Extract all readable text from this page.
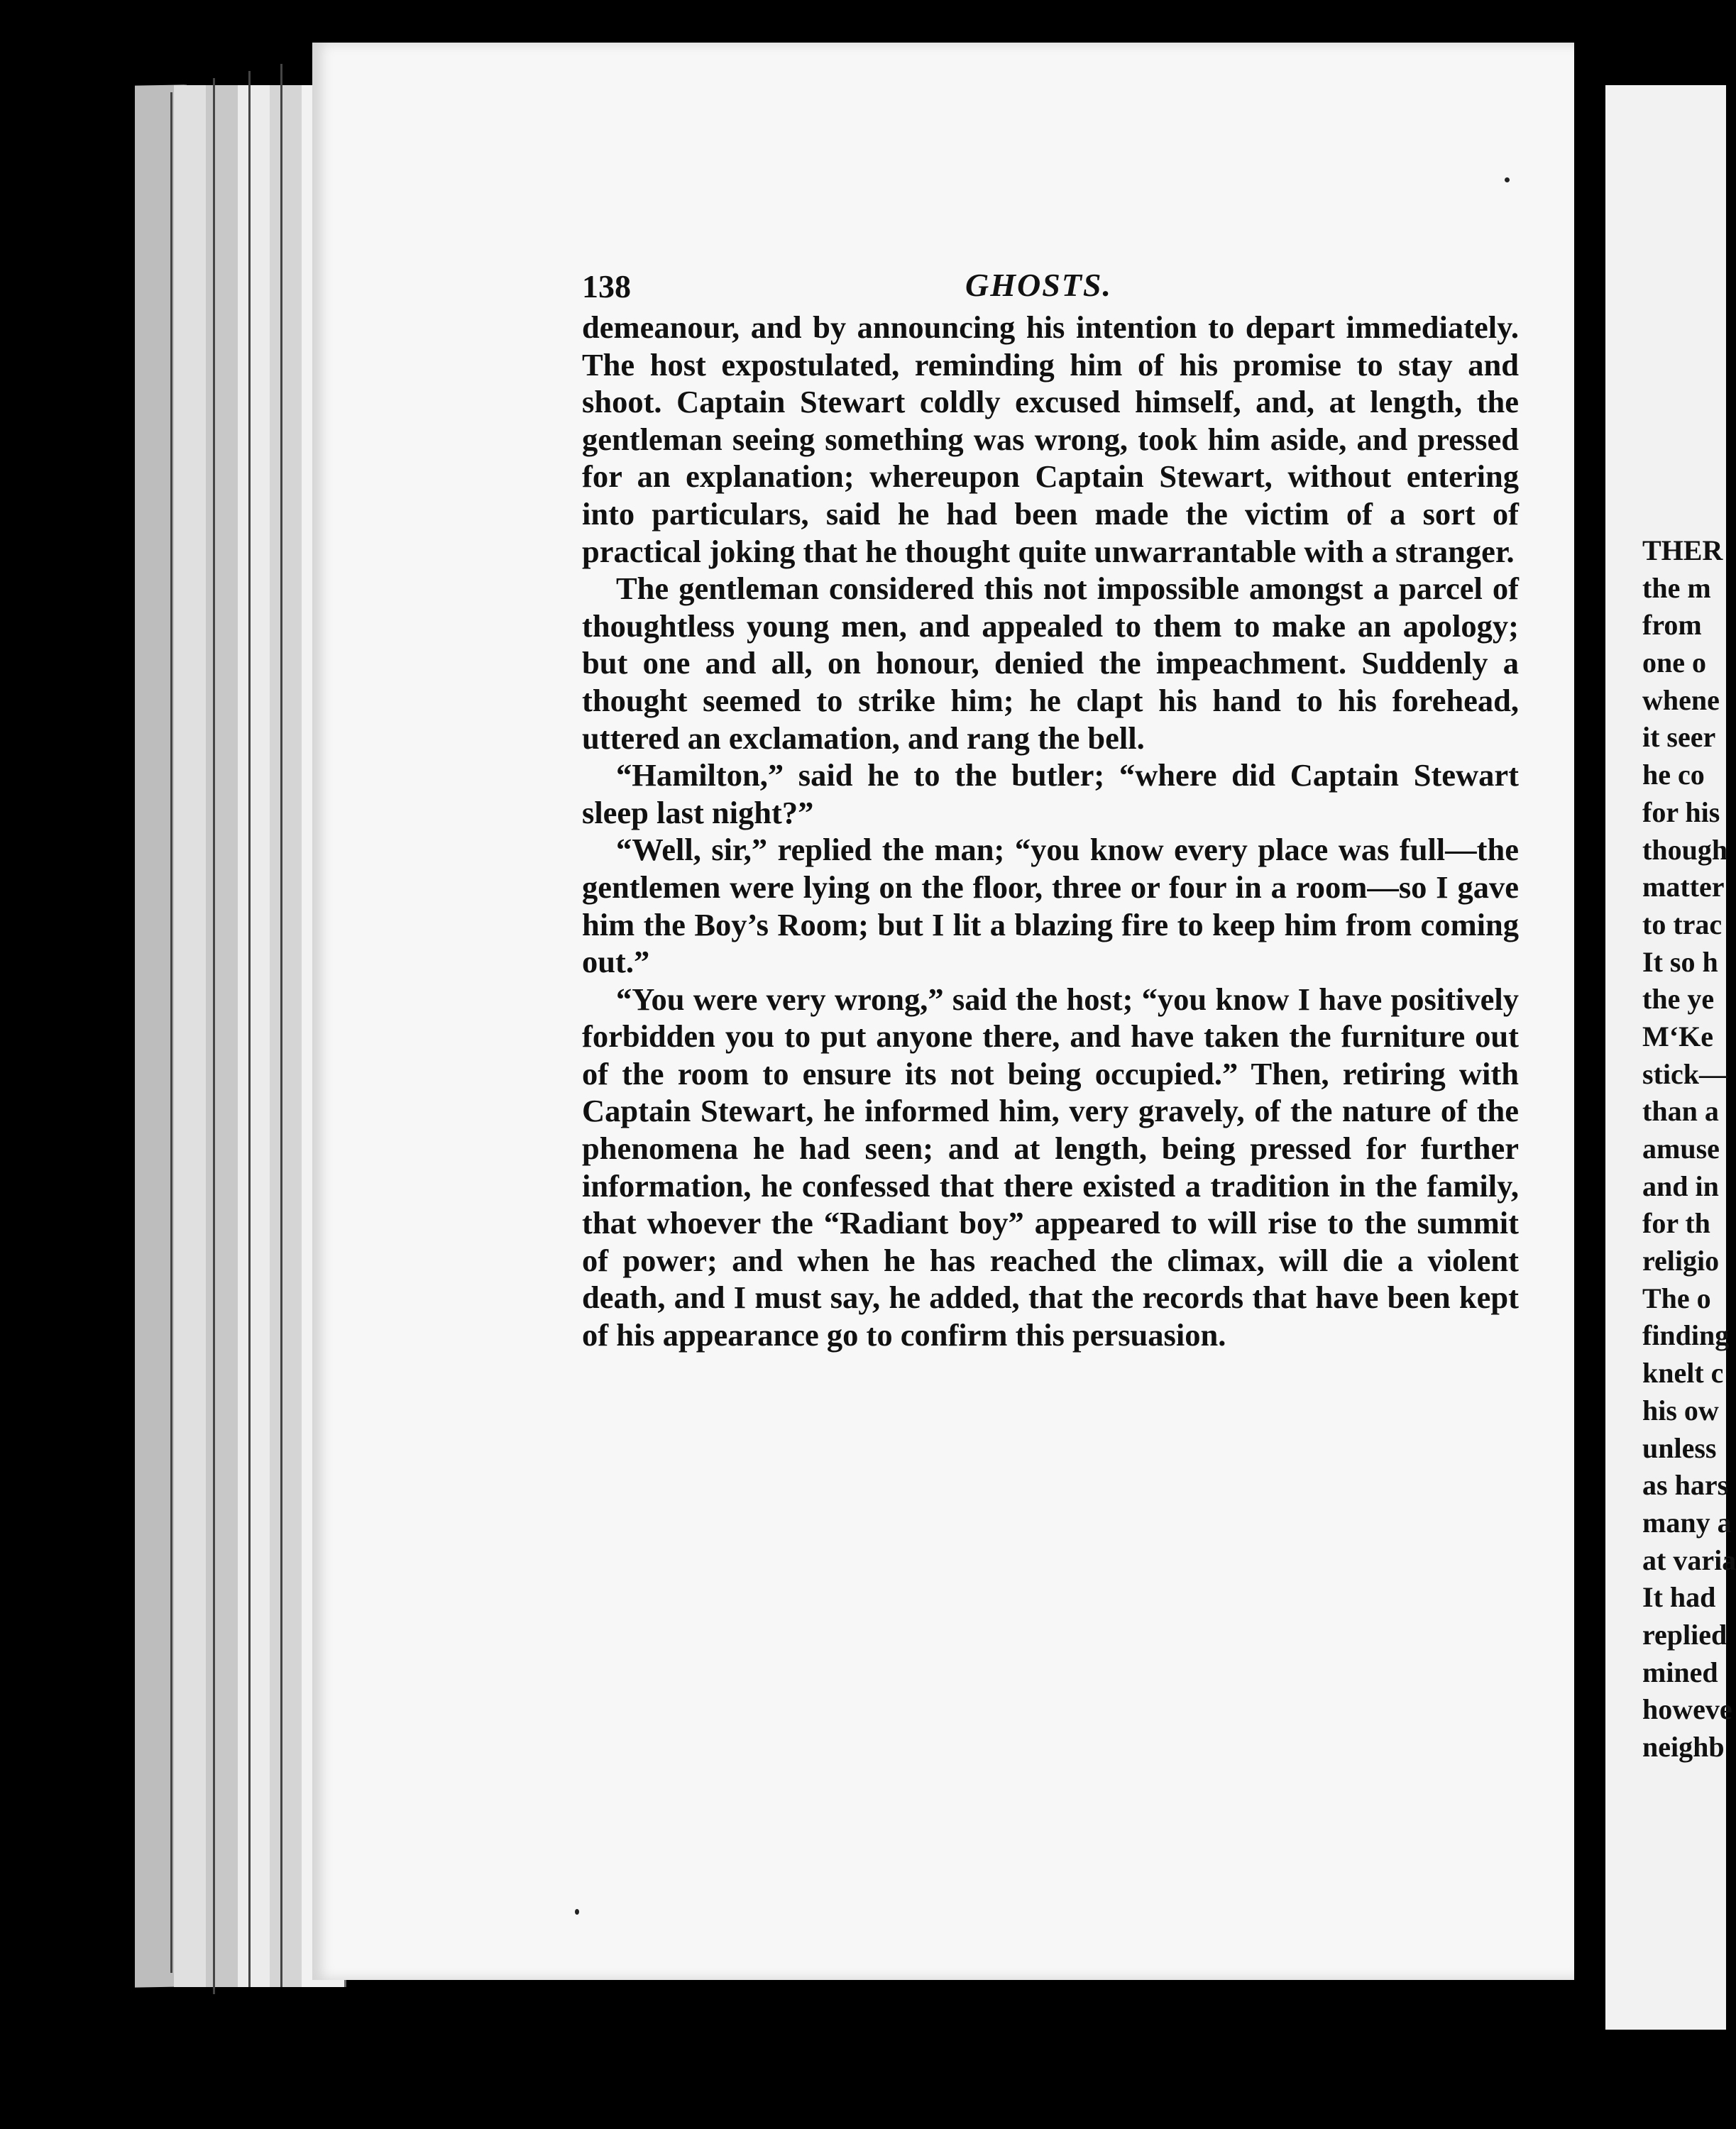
138	GHOSTS.

demeanour, and by announcing his intention to depart immediately. The host expostulated, reminding him of his promise to stay and shoot. Captain Stewart coldly excused himself, and, at length, the gentleman seeing something was wrong, took him aside, and pressed for an explanation; whereupon Captain Stewart, without entering into particulars, said he had been made the victim of a sort of practical joking that he thought quite unwarrantable with a stranger.

The gentleman considered this not impossible amongst a parcel of thoughtless young men, and appealed to them to make an apology; but one and all, on honour, denied the impeachment. Suddenly a thought seemed to strike him; he clapt his hand to his forehead, uttered an exclamation, and rang the bell.

“Hamilton,” said he to the butler; “where did Captain Stewart sleep last night?”

“Well, sir,” replied the man; “you know every place was full—the gentlemen were lying on the floor, three or four in a room—so I gave him the Boy’s Room; but I lit a blazing fire to keep him from coming out.”

“You were very wrong,” said the host; “you know I have positively forbidden you to put anyone there, and have taken the furniture out of the room to ensure its not being occupied.” Then, retiring with Captain Stewart, he informed him, very gravely, of the nature of the phenomena he had seen; and at length, being pressed for further information, he confessed that there existed a tradition in the family, that whoever the “Radiant boy” appeared to will rise to the summit of power; and when he has reached the climax, will die a violent death, and I must say, he added, that the records that have been kept of his appearance go to confirm this persuasion.

THER
the m
from
one o
whene
it seer
he co
for his
though
matter
to trac
It so h
the ye
M‘Ke
stick—
than a
amuse
and in
for th
religio
The o
finding
knelt c
his ow
unless
as hars
many a
at varia
It had
replied
mined
howeve
neighb
